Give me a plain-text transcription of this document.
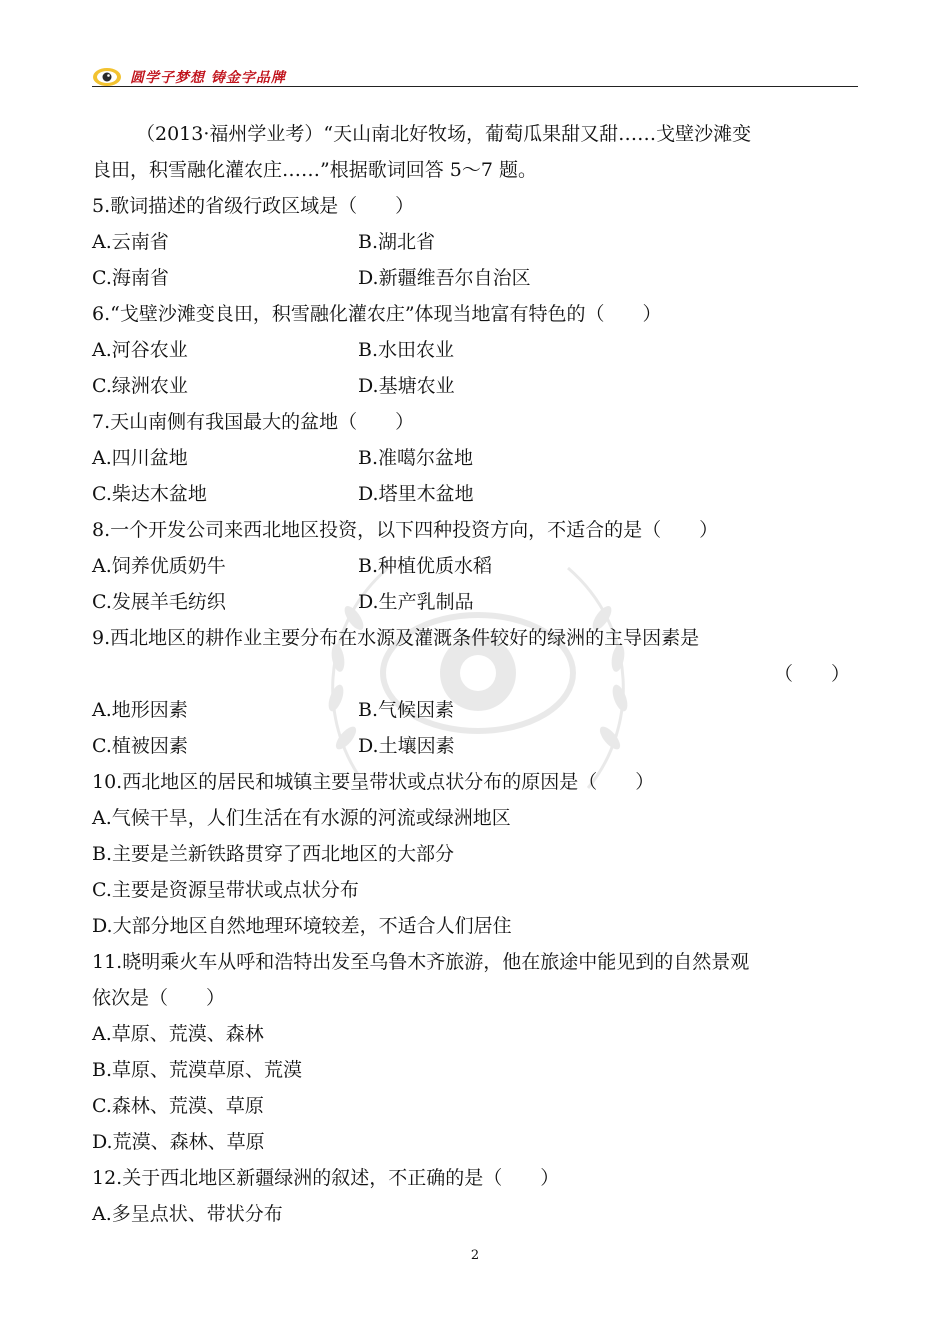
圆学子梦想 铸金字品牌
（2013·福州学业考）“天山南北好牧场，葡萄瓜果甜又甜……戈壁沙滩变
良田，积雪融化灌农庄……”根据歌词回答 5～7 题。
5.歌词描述的省级行政区域是（　　）
A.云南省	B.湖北省
C.海南省	D.新疆维吾尔自治区
6.“戈壁沙滩变良田，积雪融化灌农庄”体现当地富有特色的（　　）
A.河谷农业	B.水田农业
C.绿洲农业	D.基塘农业
7.天山南侧有我国最大的盆地（　　）
A.四川盆地	B.准噶尔盆地
C.柴达木盆地	D.塔里木盆地
8.一个开发公司来西北地区投资，以下四种投资方向，不适合的是（　　）
A.饲养优质奶牛	B.种植优质水稻
C.发展羊毛纺织	D.生产乳制品
9.西北地区的耕作业主要分布在水源及灌溉条件较好的绿洲的主导因素是
（　　）
A.地形因素	B.气候因素
C.植被因素	D.土壤因素
10.西北地区的居民和城镇主要呈带状或点状分布的原因是（　　）
A.气候干旱，人们生活在有水源的河流或绿洲地区
B.主要是兰新铁路贯穿了西北地区的大部分
C.主要是资源呈带状或点状分布
D.大部分地区自然地理环境较差，不适合人们居住
11.晓明乘火车从呼和浩特出发至乌鲁木齐旅游，他在旅途中能见到的自然景观
依次是（　　）
A.草原、荒漠、森林
B.草原、荒漠草原、荒漠
C.森林、荒漠、草原
D.荒漠、森林、草原
12.关于西北地区新疆绿洲的叙述，不正确的是（　　）
A.多呈点状、带状分布
2
